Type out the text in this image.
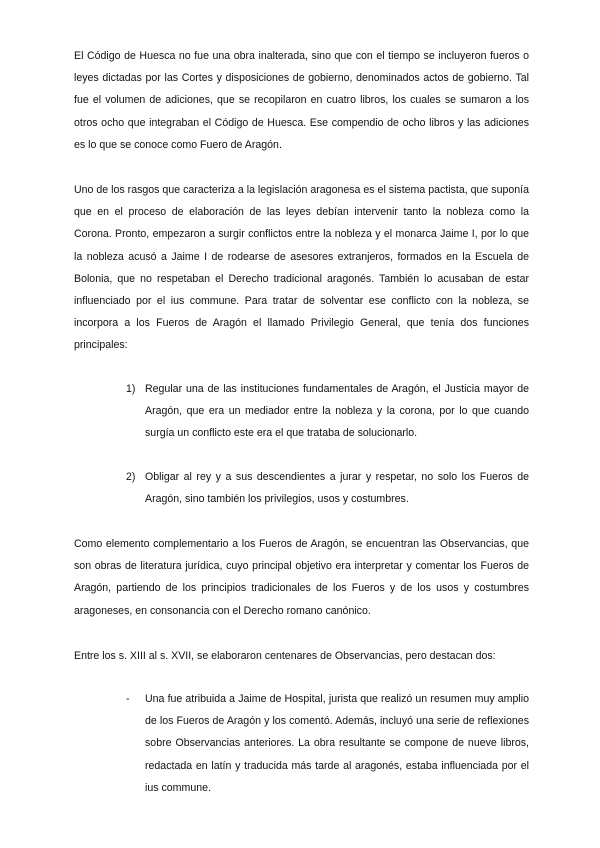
El Código de Huesca no fue una obra inalterada, sino que con el tiempo se incluyeron fueros o leyes dictadas por las Cortes y disposiciones de gobierno, denominados actos de gobierno. Tal fue el volumen de adiciones, que se recopilaron en cuatro libros, los cuales se sumaron a los otros ocho que integraban el Código de Huesca. Ese compendio de ocho libros y las adiciones es lo que se conoce como Fuero de Aragón.

Uno de los rasgos que caracteriza a la legislación aragonesa es el sistema pactista, que suponía que en el proceso de elaboración de las leyes debían intervenir tanto la nobleza como la Corona. Pronto, empezaron a surgir conflictos entre la nobleza y el monarca Jaime I, por lo que la nobleza acusó a Jaime I de rodearse de asesores extranjeros, formados en la Escuela de Bolonia, que no respetaban el Derecho tradicional aragonés. También lo acusaban de estar influenciado por el ius commune. Para tratar de solventar ese conflicto con la nobleza, se incorpora a los Fueros de Aragón el llamado Privilegio General, que tenía dos funciones principales:

1) Regular una de las instituciones fundamentales de Aragón, el Justicia mayor de Aragón, que era un mediador entre la nobleza y la corona, por lo que cuando surgía un conflicto este era el que trataba de solucionarlo.
2) Obligar al rey y a sus descendientes a jurar y respetar, no solo los Fueros de Aragón, sino también los privilegios, usos y costumbres.

Como elemento complementario a los Fueros de Aragón, se encuentran las Observancias, que son obras de literatura jurídica, cuyo principal objetivo era interpretar y comentar los Fueros de Aragón, partiendo de los principios tradicionales de los Fueros y de los usos y costumbres aragoneses, en consonancia con el Derecho romano canónico.

Entre los s. XIII al s. XVII, se elaboraron centenares de Observancias, pero destacan dos:

-	Una fue atribuida a Jaime de Hospital, jurista que realizó un resumen muy amplio de los Fueros de Aragón y los comentó. Además, incluyó una serie de reflexiones sobre Observancias anteriores. La obra resultante se compone de nueve libros, redactada en latín y traducida más tarde al aragonés, estaba influenciada por el ius commune.
